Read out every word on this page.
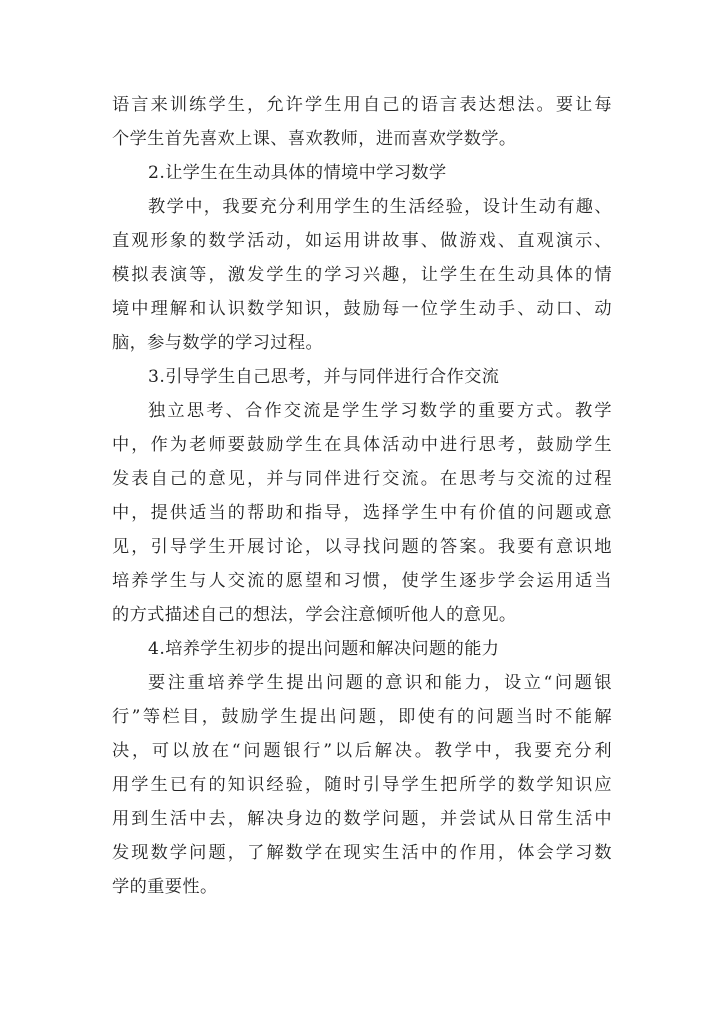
语言来训练学生，允许学生用自己的语言表达想法。要让每
个学生首先喜欢上课、喜欢教师，进而喜欢学数学。
2.让学生在生动具体的情境中学习数学
教学中，我要充分利用学生的生活经验，设计生动有趣、
直观形象的数学活动，如运用讲故事、做游戏、直观演示、
模拟表演等，激发学生的学习兴趣，让学生在生动具体的情
境中理解和认识数学知识，鼓励每一位学生动手、动口、动
脑，参与数学的学习过程。
3.引导学生自己思考，并与同伴进行合作交流
独立思考、合作交流是学生学习数学的重要方式。教学
中，作为老师要鼓励学生在具体活动中进行思考，鼓励学生
发表自己的意见，并与同伴进行交流。在思考与交流的过程
中，提供适当的帮助和指导，选择学生中有价值的问题或意
见，引导学生开展讨论，以寻找问题的答案。我要有意识地
培养学生与人交流的愿望和习惯，使学生逐步学会运用适当
的方式描述自己的想法，学会注意倾听他人的意见。
4.培养学生初步的提出问题和解决问题的能力
要注重培养学生提出问题的意识和能力，设立“问题银
行”等栏目，鼓励学生提出问题，即使有的问题当时不能解
决，可以放在“问题银行”以后解决。教学中，我要充分利
用学生已有的知识经验，随时引导学生把所学的数学知识应
用到生活中去，解决身边的数学问题，并尝试从日常生活中
发现数学问题，了解数学在现实生活中的作用，体会学习数
学的重要性。
